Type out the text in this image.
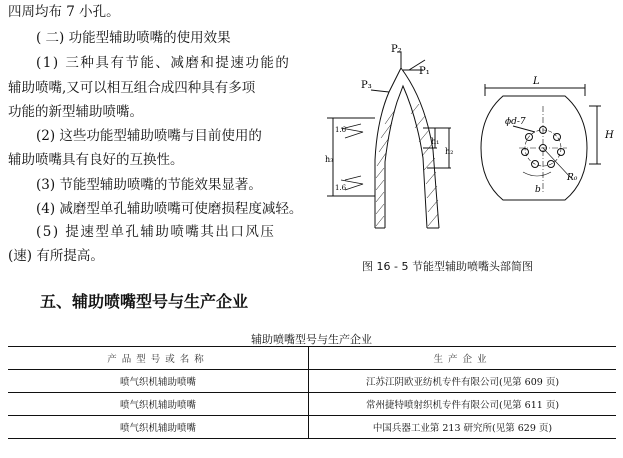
四周均布 7 小孔。
( 二) 功能型辅助喷嘴的使用效果
(1) 三种具有节能、减磨和提速功能的
辅助喷嘴,又可以相互组合成四种具有多项
功能的新型辅助喷嘴。
(2) 这些功能型辅助喷嘴与目前使用的
辅助喷嘴具有良好的互换性。
(3) 节能型辅助喷嘴的节能效果显著。
(4) 减磨型单孔辅助喷嘴可使磨损程度减轻。
(5) 提速型单孔辅助喷嘴其出口风压
(速) 有所提高。
P₁
P₂
P₃
h₁
h₂
h₃
1.6
1.6
L
H
ϕd-7
R₀
b
图 16 - 5 节能型辅助喷嘴头部简图
五、辅助喷嘴型号与生产企业
辅助喷嘴型号与生产企业
产品型号或名称	生产企业
喷气织机辅助喷嘴	江苏江阴欧亚纺机专件有限公司(见第 609 页)
喷气织机辅助喷嘴	常州捷特喷射织机专件有限公司(见第 611 页)
喷气织机辅助喷嘴	中国兵器工业第 213 研究所(见第 629 页)
